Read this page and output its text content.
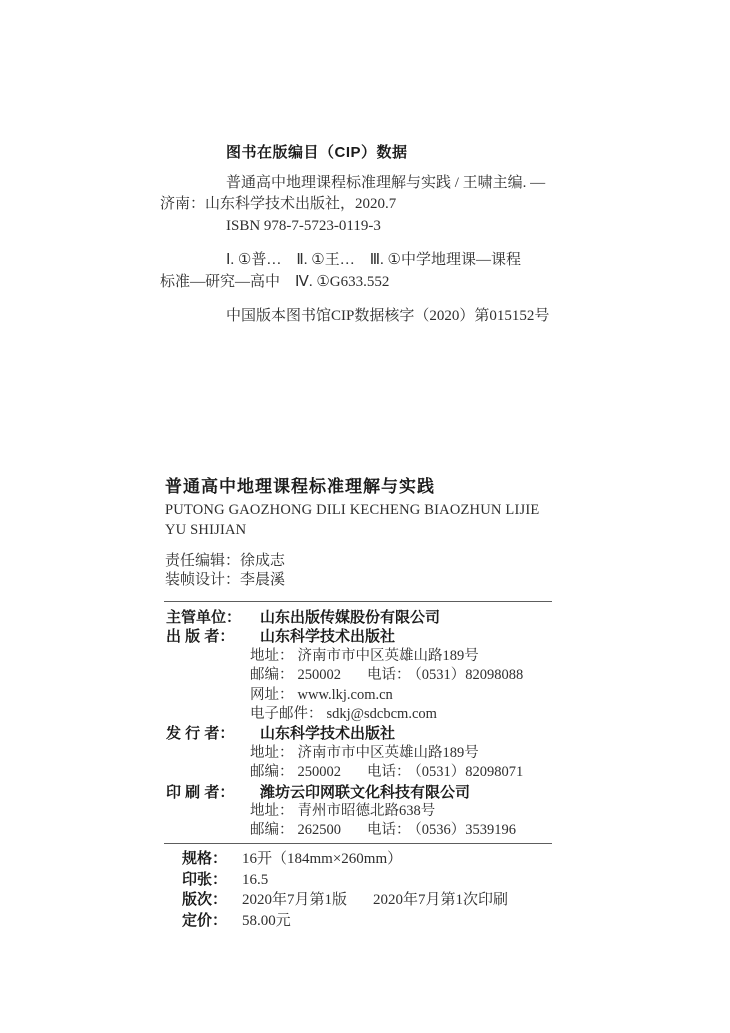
图书在版编目（CIP）数据
普通高中地理课程标准理解与实践 / 王啸主编. —
济南：山东科学技术出版社，2020.7
ISBN 978-7-5723-0119-3
Ⅰ. ①普…　Ⅱ. ①王…　Ⅲ. ①中学地理课—课程
标准—研究—高中　Ⅳ. ①G633.552
中国版本图书馆CIP数据核字（2020）第015152号
普通高中地理课程标准理解与实践
PUTONG GAOZHONG DILI KECHENG BIAOZHUN LIJIE
YU SHIJIAN
责任编辑：徐成志
装帧设计：李晨溪
主管单位： 山东出版传媒股份有限公司
出 版 者： 山东科学技术出版社
地址： 济南市市中区英雄山路189号
邮编： 250002 电话： （0531）82098088
网址： www.lkj.com.cn
电子邮件： sdkj@sdcbcm.com
发 行 者： 山东科学技术出版社
地址： 济南市市中区英雄山路189号
邮编： 250002 电话： （0531）82098071
印 刷 者： 潍坊云印网联文化科技有限公司
地址： 青州市昭德北路638号
邮编： 262500 电话： （0536）3539196
规格： 16开（184mm×260mm）
印张： 16.5
版次： 2020年7月第1版 2020年7月第1次印刷
定价： 58.00元
